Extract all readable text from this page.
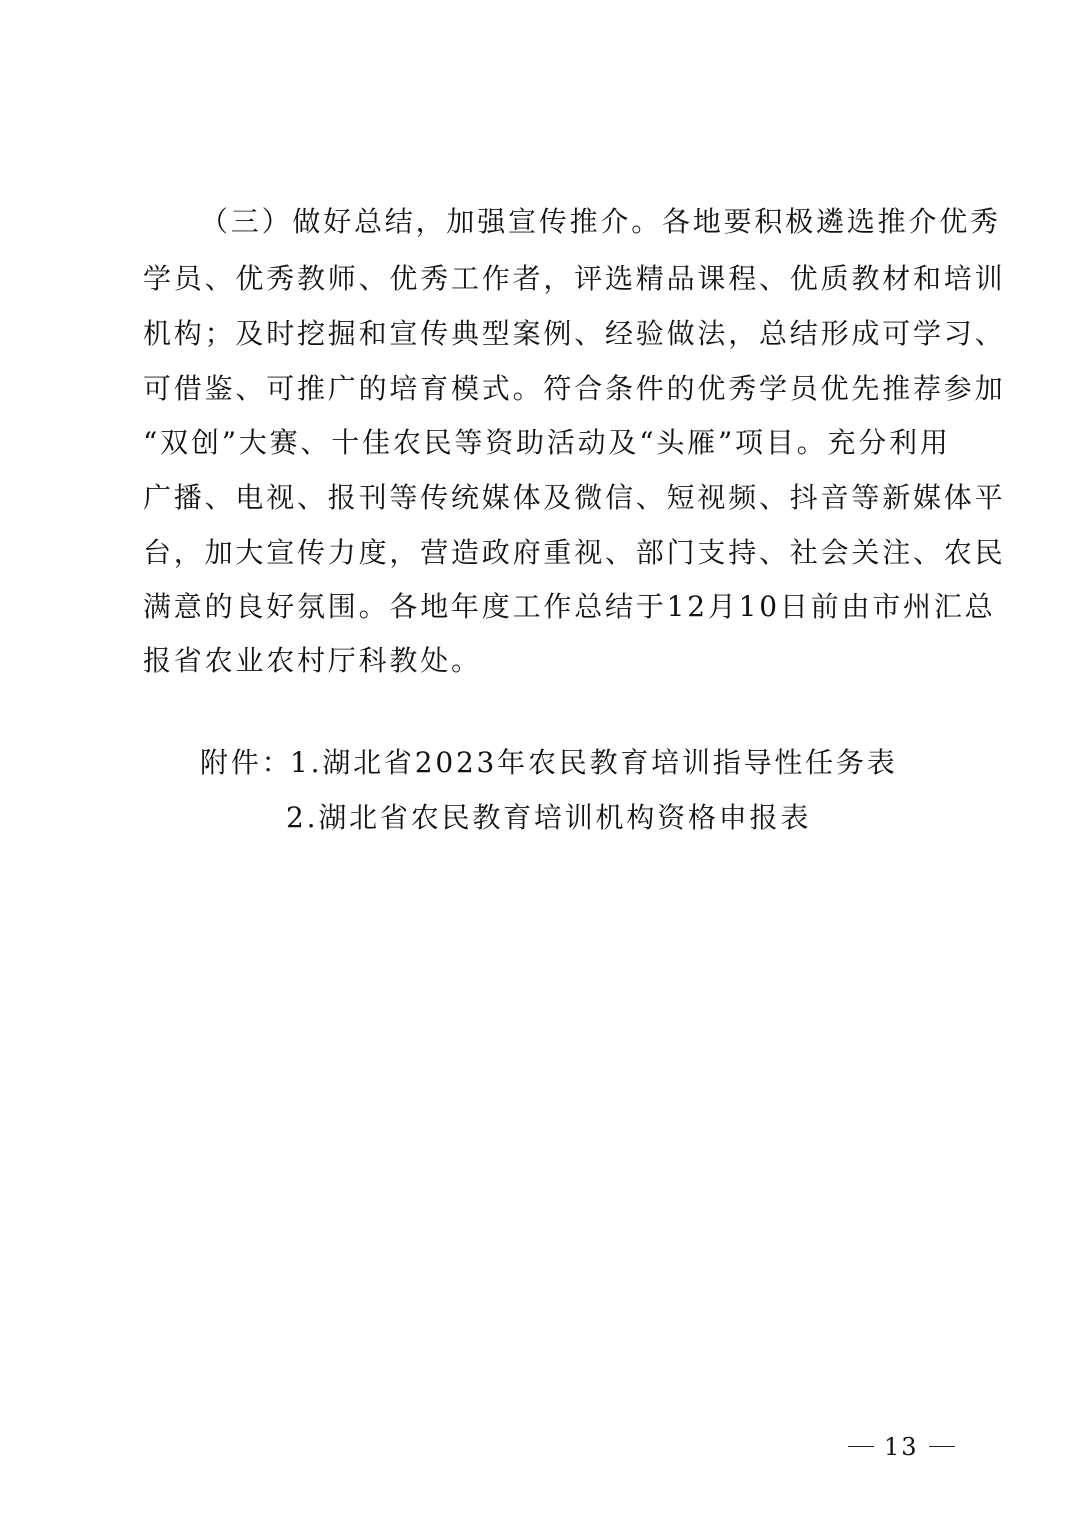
（三）做好总结，加强宣传推介。各地要积极遴选推介优秀
学员、优秀教师、优秀工作者，评选精品课程、优质教材和培训
机构；及时挖掘和宣传典型案例、经验做法，总结形成可学习、
可借鉴、可推广的培育模式。符合条件的优秀学员优先推荐参加
“双创”大赛、十佳农民等资助活动及“头雁”项目。充分利用
广播、电视、报刊等传统媒体及微信、短视频、抖音等新媒体平
台，加大宣传力度，营造政府重视、部门支持、社会关注、农民
满意的良好氛围。各地年度工作总结于12月10日前由市州汇总
报省农业农村厅科教处。
附件：
1.湖北省2023年农民教育培训指导性任务表
2.湖北省农民教育培训机构资格申报表
13
